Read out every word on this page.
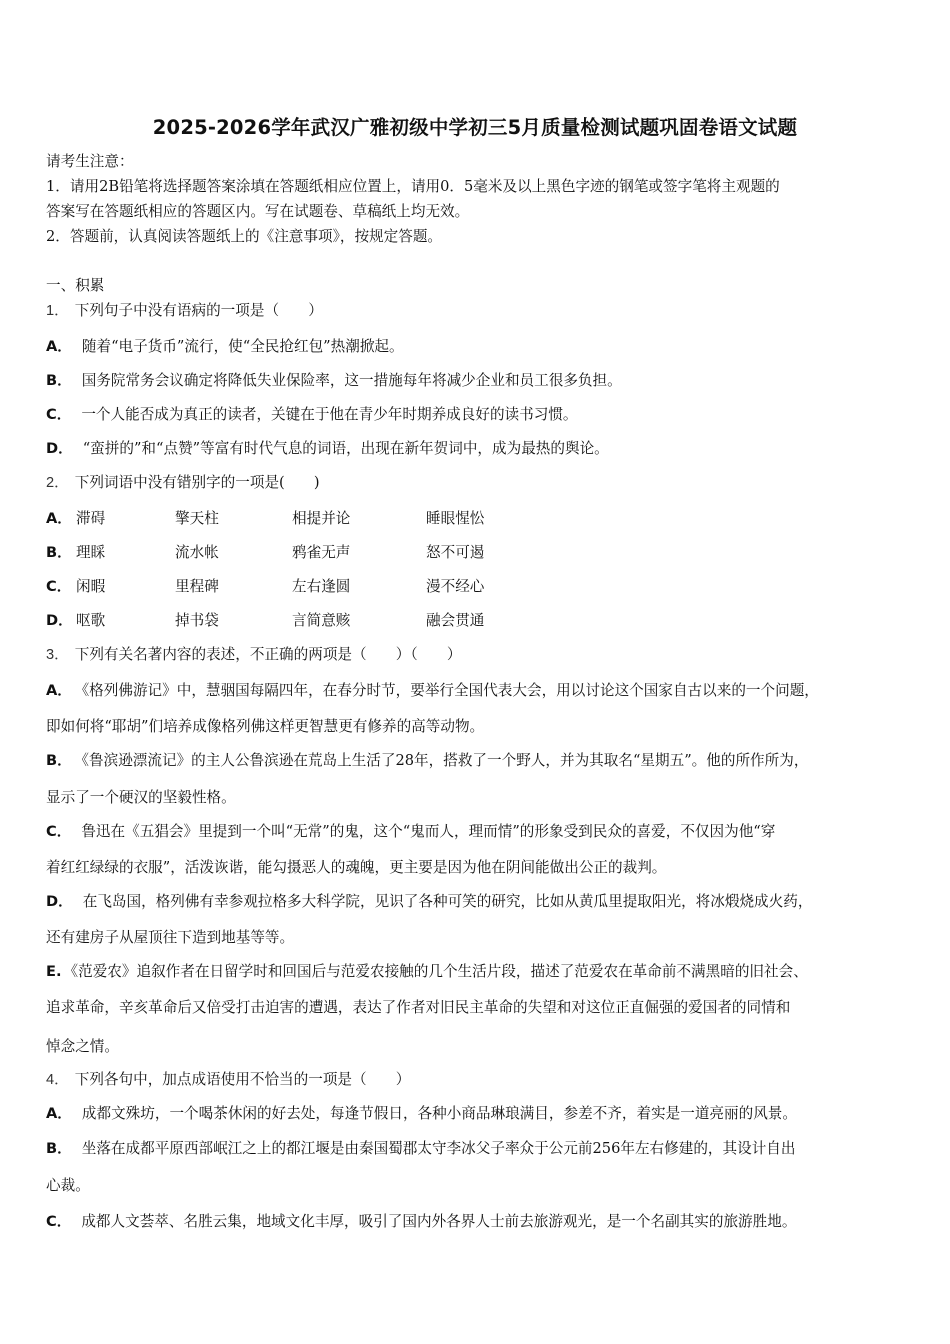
2025-2026学年武汉广雅初级中学初三5月质量检测试题巩固卷语文试题
请考生注意：
1．请用2B铅笔将选择题答案涂填在答题纸相应位置上，请用0．5毫米及以上黑色字迹的钢笔或签字笔将主观题的
答案写在答题纸相应的答题区内。写在试题卷、草稿纸上均无效。
2．答题前，认真阅读答题纸上的《注意事项》，按规定答题。
一、积累
1． 下列句子中没有语病的一项是（　　）
A． 随着“电子货币”流行，使“全民抢红包”热潮掀起。
B． 国务院常务会议确定将降低失业保险率，这一措施每年将减少企业和员工很多负担。
C． 一个人能否成为真正的读者，关键在于他在青少年时期养成良好的读书习惯。
D． “蛮拼的”和“点赞”等富有时代气息的词语，出现在新年贺词中，成为最热的舆论。
2． 下列词语中没有错别字的一项是(　　)
A． 滞碍	擎天柱	相提并论	睡眼惺忪
B． 理睬	流水帐	鸦雀无声	怒不可遏
C． 闲暇	里程碑	左右逢圆	漫不经心
D． 呕歌	掉书袋	言简意赅	融会贯通
3． 下列有关名著内容的表述，不正确的两项是（　　）（　　）
A． 《格列佛游记》中，慧骃国每隔四年，在春分时节，要举行全国代表大会，用以讨论这个国家自古以来的一个问题，
即如何将“耶胡”们培养成像格列佛这样更智慧更有修养的高等动物。
B． 《鲁滨逊漂流记》的主人公鲁滨逊在荒岛上生活了28年，搭救了一个野人，并为其取名“星期五”。他的所作所为，
显示了一个硬汉的坚毅性格。
C． 鲁迅在《五猖会》里提到一个叫“无常”的鬼，这个“鬼而人，理而情”的形象受到民众的喜爱，不仅因为他“穿
着红红绿绿的衣服”，活泼诙谐，能勾摄恶人的魂魄，更主要是因为他在阴间能做出公正的裁判。
D． 在飞岛国，格列佛有幸参观拉格多大科学院，见识了各种可笑的研究，比如从黄瓜里提取阳光，将冰煅烧成火药，
还有建房子从屋顶往下造到地基等等。
E. 《范爱农》追叙作者在日留学时和回国后与范爱农接触的几个生活片段，描述了范爱农在革命前不满黑暗的旧社会、
追求革命，辛亥革命后又倍受打击迫害的遭遇，表达了作者对旧民主革命的失望和对这位正直倔强的爱国者的同情和
悼念之情。
4． 下列各句中，加点成语使用不恰当的一项是（　　）
A． 成都文殊坊，一个喝茶休闲的好去处，每逢节假日，各种小商品琳琅满目，参差不齐，着实是一道亮丽的风景。
B． 坐落在成都平原西部岷江之上的都江堰是由秦国蜀郡太守李冰父子率众于公元前256年左右修建的，其设计自出
心裁。
C． 成都人文荟萃、名胜云集，地域文化丰厚，吸引了国内外各界人士前去旅游观光，是一个名副其实的旅游胜地。
